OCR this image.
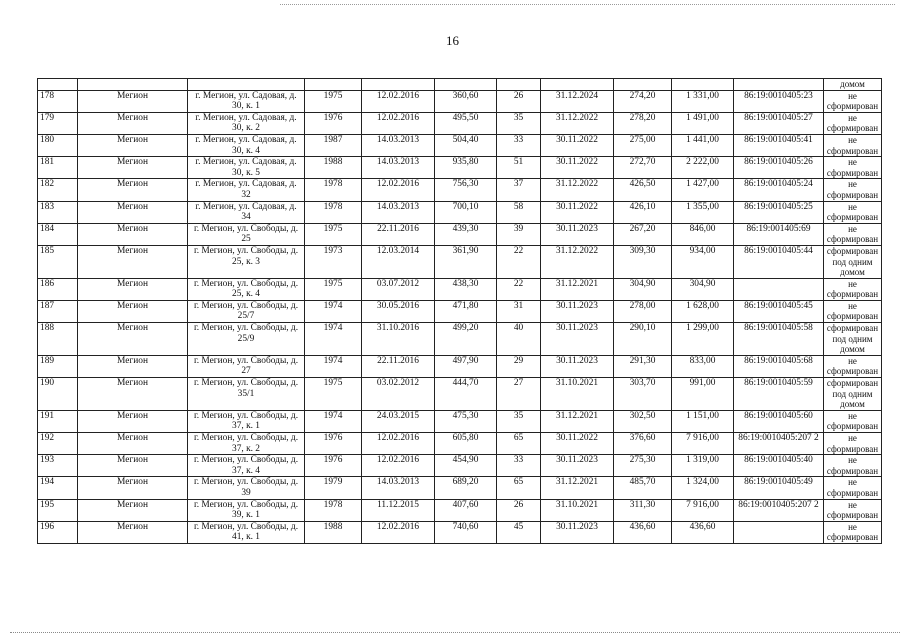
16
											домом
178	Мегион	г. Мегион, ул. Садовая, д. 30, к. 1	1975	12.02.2016	360,60	26	31.12.2024	274,20	1 331,00	86:19:0010405:23	не сформирован
179	Мегион	г. Мегион, ул. Садовая, д. 30, к. 2	1976	12.02.2016	495,50	35	31.12.2022	278,20	1 491,00	86:19:0010405:27	не сформирован
180	Мегион	г. Мегион, ул. Садовая, д. 30, к. 4	1987	14.03.2013	504,40	33	30.11.2022	275,00	1 441,00	86:19:0010405:41	не сформирован
181	Мегион	г. Мегион, ул. Садовая, д. 30, к. 5	1988	14.03.2013	935,80	51	30.11.2022	272,70	2 222,00	86:19:0010405:26	не сформирован
182	Мегион	г. Мегион, ул. Садовая, д. 32	1978	12.02.2016	756,30	37	31.12.2022	426,50	1 427,00	86:19:0010405:24	не сформирован
183	Мегион	г. Мегион, ул. Садовая, д. 34	1978	14.03.2013	700,10	58	30.11.2022	426,10	1 355,00	86:19:0010405:25	не сформирован
184	Мегион	г. Мегион, ул. Свободы, д. 25	1975	22.11.2016	439,30	39	30.11.2023	267,20	846,00	86:19:001405:69	не сформирован
185	Мегион	г. Мегион, ул. Свободы, д. 25, к. 3	1973	12.03.2014	361,90	22	31.12.2022	309,30	934,00	86:19:0010405:44	сформирован под одним домом
186	Мегион	г. Мегион, ул. Свободы, д. 25, к. 4	1975	03.07.2012	438,30	22	31.12.2021	304,90	304,90		не сформирован
187	Мегион	г. Мегион, ул. Свободы, д. 25/7	1974	30.05.2016	471,80	31	30.11.2023	278,00	1 628,00	86:19:0010405:45	не сформирован
188	Мегион	г. Мегион, ул. Свободы, д. 25/9	1974	31.10.2016	499,20	40	30.11.2023	290,10	1 299,00	86:19:0010405:58	сформирован под одним домом
189	Мегион	г. Мегион, ул. Свободы, д. 27	1974	22.11.2016	497,90	29	30.11.2023	291,30	833,00	86:19:0010405:68	не сформирован
190	Мегион	г. Мегион, ул. Свободы, д. 35/1	1975	03.02.2012	444,70	27	31.10.2021	303,70	991,00	86:19:0010405:59	сформирован под одним домом
191	Мегион	г. Мегион, ул. Свободы, д. 37, к. 1	1974	24.03.2015	475,30	35	31.12.2021	302,50	1 151,00	86:19:0010405:60	не сформирован
192	Мегион	г. Мегион, ул. Свободы, д. 37, к. 2	1976	12.02.2016	605,80	65	30.11.2022	376,60	7 916,00	86:19:0010405:207 2	не сформирован
193	Мегион	г. Мегион, ул. Свободы, д. 37, к. 4	1976	12.02.2016	454,90	33	30.11.2023	275,30	1 319,00	86:19:0010405:40	не сформирован
194	Мегион	г. Мегион, ул. Свободы, д. 39	1979	14.03.2013	689,20	65	31.12.2021	485,70	1 324,00	86:19:0010405:49	не сформирован
195	Мегион	г. Мегион, ул. Свободы, д. 39, к. 1	1978	11.12.2015	407,60	26	31.10.2021	311,30	7 916,00	86:19:0010405:207 2	не сформирован
196	Мегион	г. Мегион, ул. Свободы, д. 41, к. 1	1988	12.02.2016	740,60	45	30.11.2023	436,60	436,60		не сформирован
